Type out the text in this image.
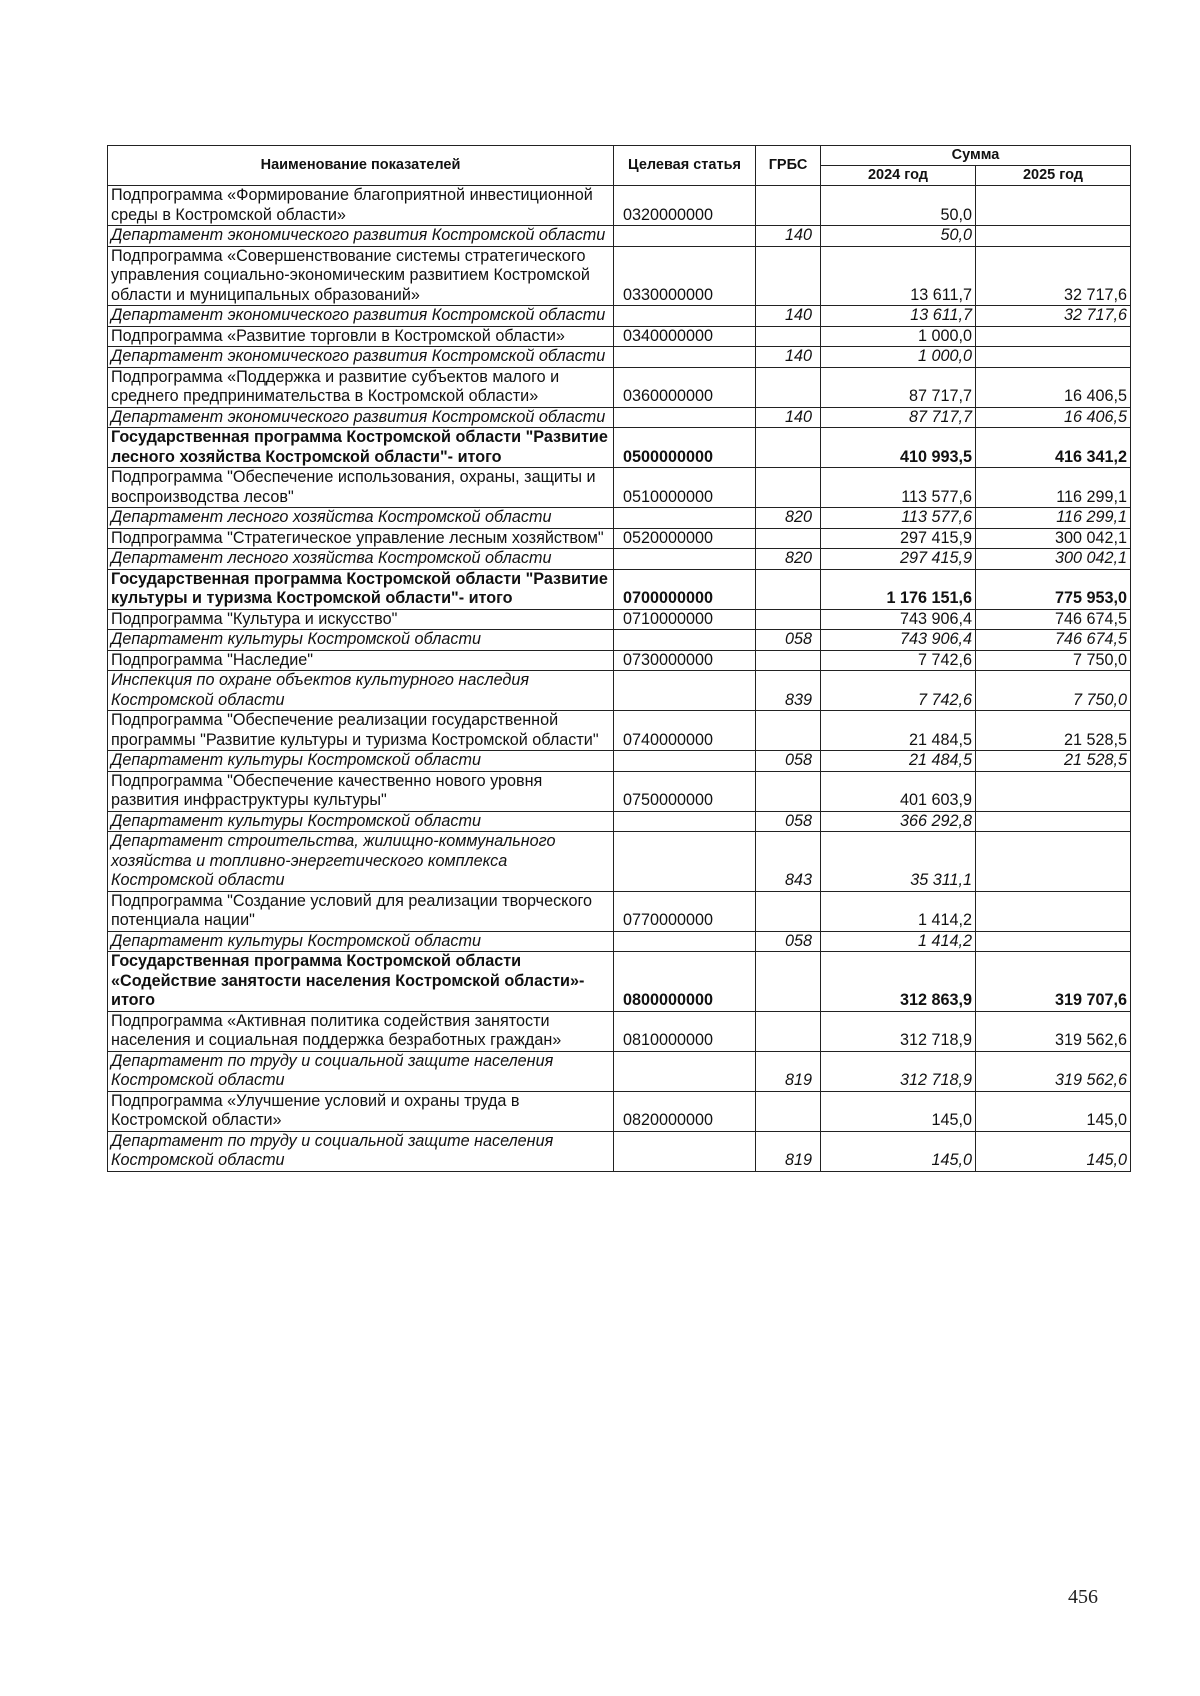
Наименование показателей	Целевая статья	ГРБС	Сумма	
			2024 год	2025 год
Подпрограмма «Формирование благоприятной инвестиционной среды в Костромской области»	0320000000		50,0	
Департамент экономического развития Костромской области		140	50,0	
Подпрограмма «Совершенствование системы стратегического управления социально-экономическим развитием Костромской области и муниципальных образований»	0330000000		13 611,7	32 717,6
Департамент экономического развития Костромской области		140	13 611,7	32 717,6
Подпрограмма «Развитие торговли в Костромской области»	0340000000		1 000,0	
Департамент экономического развития Костромской области		140	1 000,0	
Подпрограмма «Поддержка и развитие субъектов малого и среднего предпринимательства в Костромской области»	0360000000		87 717,7	16 406,5
Департамент экономического развития Костромской области		140	87 717,7	16 406,5
Государственная программа Костромской области "Развитие лесного хозяйства Костромской области"- итого	0500000000		410 993,5	416 341,2
Подпрограмма "Обеспечение использования, охраны, защиты и воспроизводства лесов"	0510000000		113 577,6	116 299,1
Департамент лесного хозяйства Костромской области		820	113 577,6	116 299,1
Подпрограмма "Стратегическое управление лесным хозяйством"	0520000000		297 415,9	300 042,1
Департамент лесного хозяйства Костромской области		820	297 415,9	300 042,1
Государственная программа Костромской области "Развитие культуры и туризма Костромской области"- итого	0700000000		1 176 151,6	775 953,0
Подпрограмма "Культура и искусство"	0710000000		743 906,4	746 674,5
Департамент культуры Костромской области		058	743 906,4	746 674,5
Подпрограмма "Наследие"	0730000000		7 742,6	7 750,0
Инспекция по охране объектов культурного наследия Костромской области		839	7 742,6	7 750,0
Подпрограмма "Обеспечение реализации государственной программы "Развитие культуры и туризма Костромской области"	0740000000		21 484,5	21 528,5
Департамент культуры Костромской области		058	21 484,5	21 528,5
Подпрограмма "Обеспечение качественно нового уровня развития инфраструктуры культуры"	0750000000		401 603,9	
Департамент культуры Костромской области		058	366 292,8	
Департамент строительства, жилищно-коммунального хозяйства и топливно-энергетического комплекса Костромской области		843	35 311,1	
Подпрограмма "Создание условий для реализации творческого потенциала нации"	0770000000		1 414,2	
Департамент культуры Костромской области		058	1 414,2	
Государственная программа Костромской области «Содействие занятости населения Костромской области»- итого	0800000000		312 863,9	319 707,6
Подпрограмма «Активная политика содействия занятости населения и социальная поддержка безработных граждан»	0810000000		312 718,9	319 562,6
Департамент по труду и социальной защите населения Костромской области		819	312 718,9	319 562,6
Подпрограмма «Улучшение условий и охраны труда в Костромской области»	0820000000		145,0	145,0
Департамент по труду и социальной защите населения Костромской области		819	145,0	145,0
456
